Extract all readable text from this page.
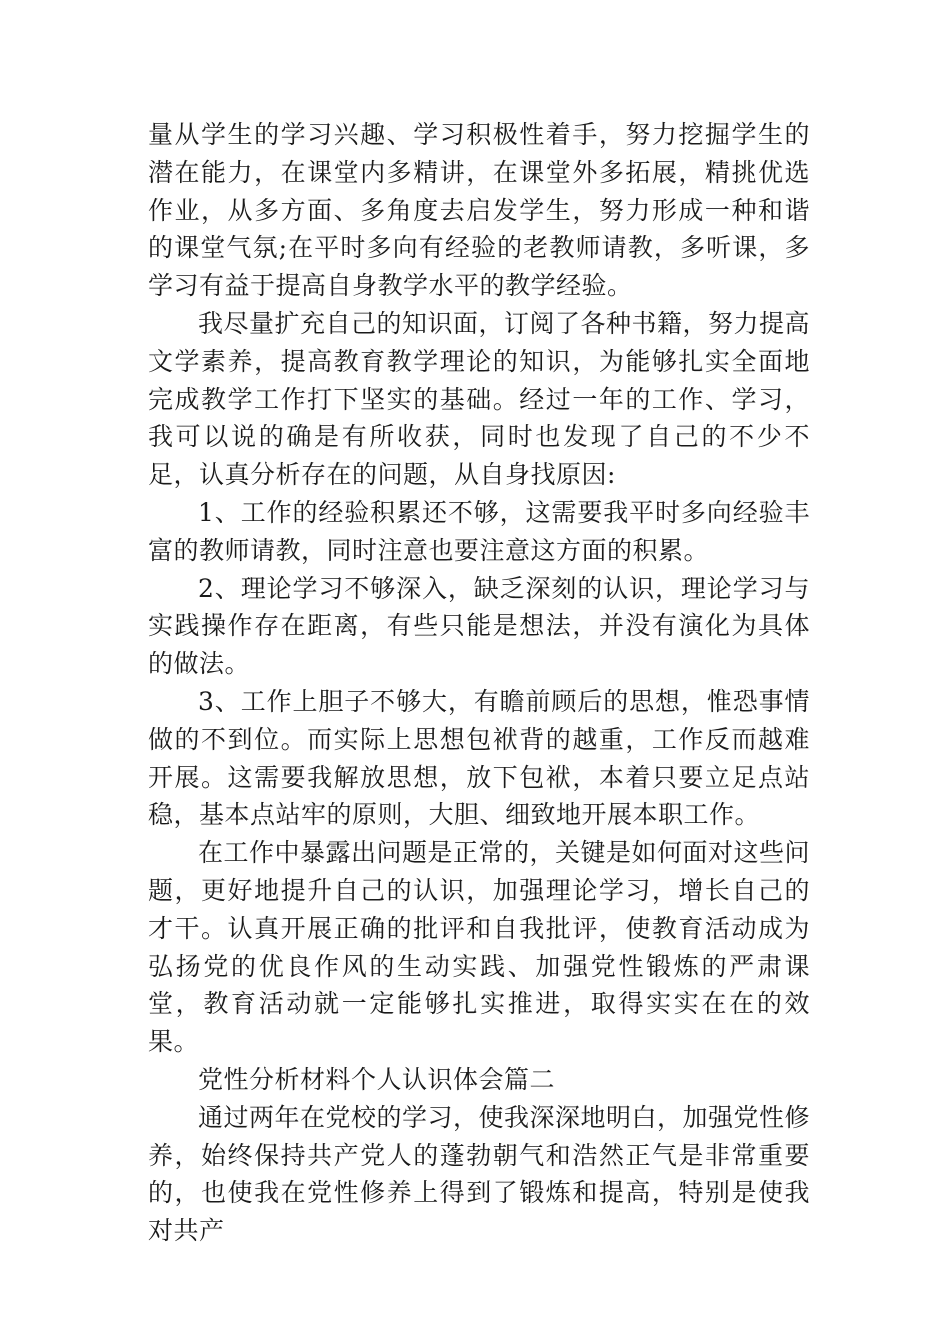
量从学生的学习兴趣、学习积极性着手，努力挖掘学生的潜在能力，在课堂内多精讲，在课堂外多拓展，精挑优选作业，从多方面、多角度去启发学生，努力形成一种和谐的课堂气氛;在平时多向有经验的老教师请教，多听课，多学习有益于提高自身教学水平的教学经验。

我尽量扩充自己的知识面，订阅了各种书籍，努力提高文学素养，提高教育教学理论的知识，为能够扎实全面地完成教学工作打下坚实的基础。经过一年的工作、学习，我可以说的确是有所收获，同时也发现了自己的不少不足，认真分析存在的问题，从自身找原因:

1、工作的经验积累还不够，这需要我平时多向经验丰富的教师请教，同时注意也要注意这方面的积累。

2、理论学习不够深入，缺乏深刻的认识，理论学习与实践操作存在距离，有些只能是想法，并没有演化为具体的做法。

3、工作上胆子不够大，有瞻前顾后的思想，惟恐事情做的不到位。而实际上思想包袱背的越重，工作反而越难开展。这需要我解放思想，放下包袱，本着只要立足点站稳，基本点站牢的原则，大胆、细致地开展本职工作。

在工作中暴露出问题是正常的，关键是如何面对这些问题，更好地提升自己的认识，加强理论学习，增长自己的才干。认真开展正确的批评和自我批评，使教育活动成为弘扬党的优良作风的生动实践、加强党性锻炼的严肃课堂，教育活动就一定能够扎实推进，取得实实在在的效果。

党性分析材料个人认识体会篇二

通过两年在党校的学习，使我深深地明白，加强党性修养，始终保持共产党人的蓬勃朝气和浩然正气是非常重要的，也使我在党性修养上得到了锻炼和提高，特别是使我对共产
